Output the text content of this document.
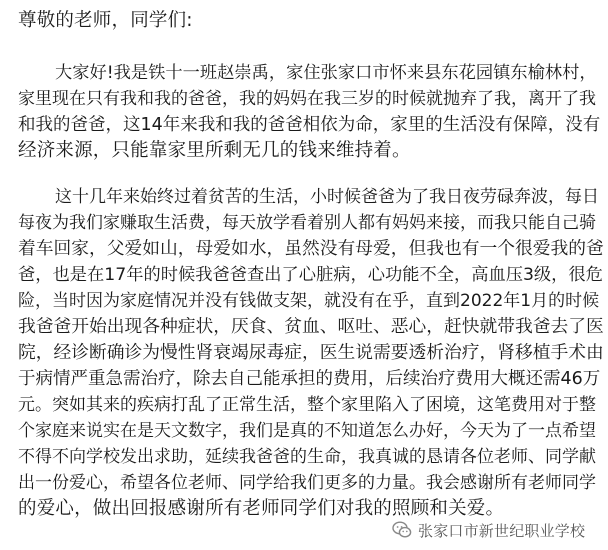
尊敬的老师，同学们:
大家好!我是铁十一班赵崇禹，家住张家口市怀来县东花园镇东榆林村，
家里现在只有我和我的爸爸，我的妈妈在我三岁的时候就抛弃了我，离开了我
和我的爸爸，这14年来我和我的爸爸相依为命，家里的生活没有保障，没有
经济来源，只能靠家里所剩无几的钱来维持着。
这十几年来始终过着贫苦的生活，小时候爸爸为了我日夜劳碌奔波，每日
每夜为我们家赚取生活费，每天放学看着别人都有妈妈来接，而我只能自己骑
着车回家，父爱如山，母爱如水，虽然没有母爱，但我也有一个很爱我的爸
爸，也是在17年的时候我爸爸查出了心脏病，心功能不全，高血压3级，很危
险，当时因为家庭情况并没有钱做支架，就没有在乎，直到2022年1月的时候
我爸爸开始出现各种症状，厌食、贫血、呕吐、恶心，赶快就带我爸去了医
院，经诊断确诊为慢性肾衰竭尿毒症，医生说需要透析治疗，肾移植手术由
于病情严重急需治疗，除去自己能承担的费用，后续治疗费用大概还需46万
元。突如其来的疾病打乱了正常生活，整个家里陷入了困境，这笔费用对于整
个家庭来说实在是天文数字，我们是真的不知道怎么办好，今天为了一点希望
不得不向学校发出求助，延续我爸爸的生命，我真诚的恳请各位老师、同学献
出一份爱心，希望各位老师、同学给我们更多的力量。我会感谢所有老师同学
的爱心，做出回报感谢所有老师同学们对我的照顾和关爱。
张家口市新世纪职业学校
